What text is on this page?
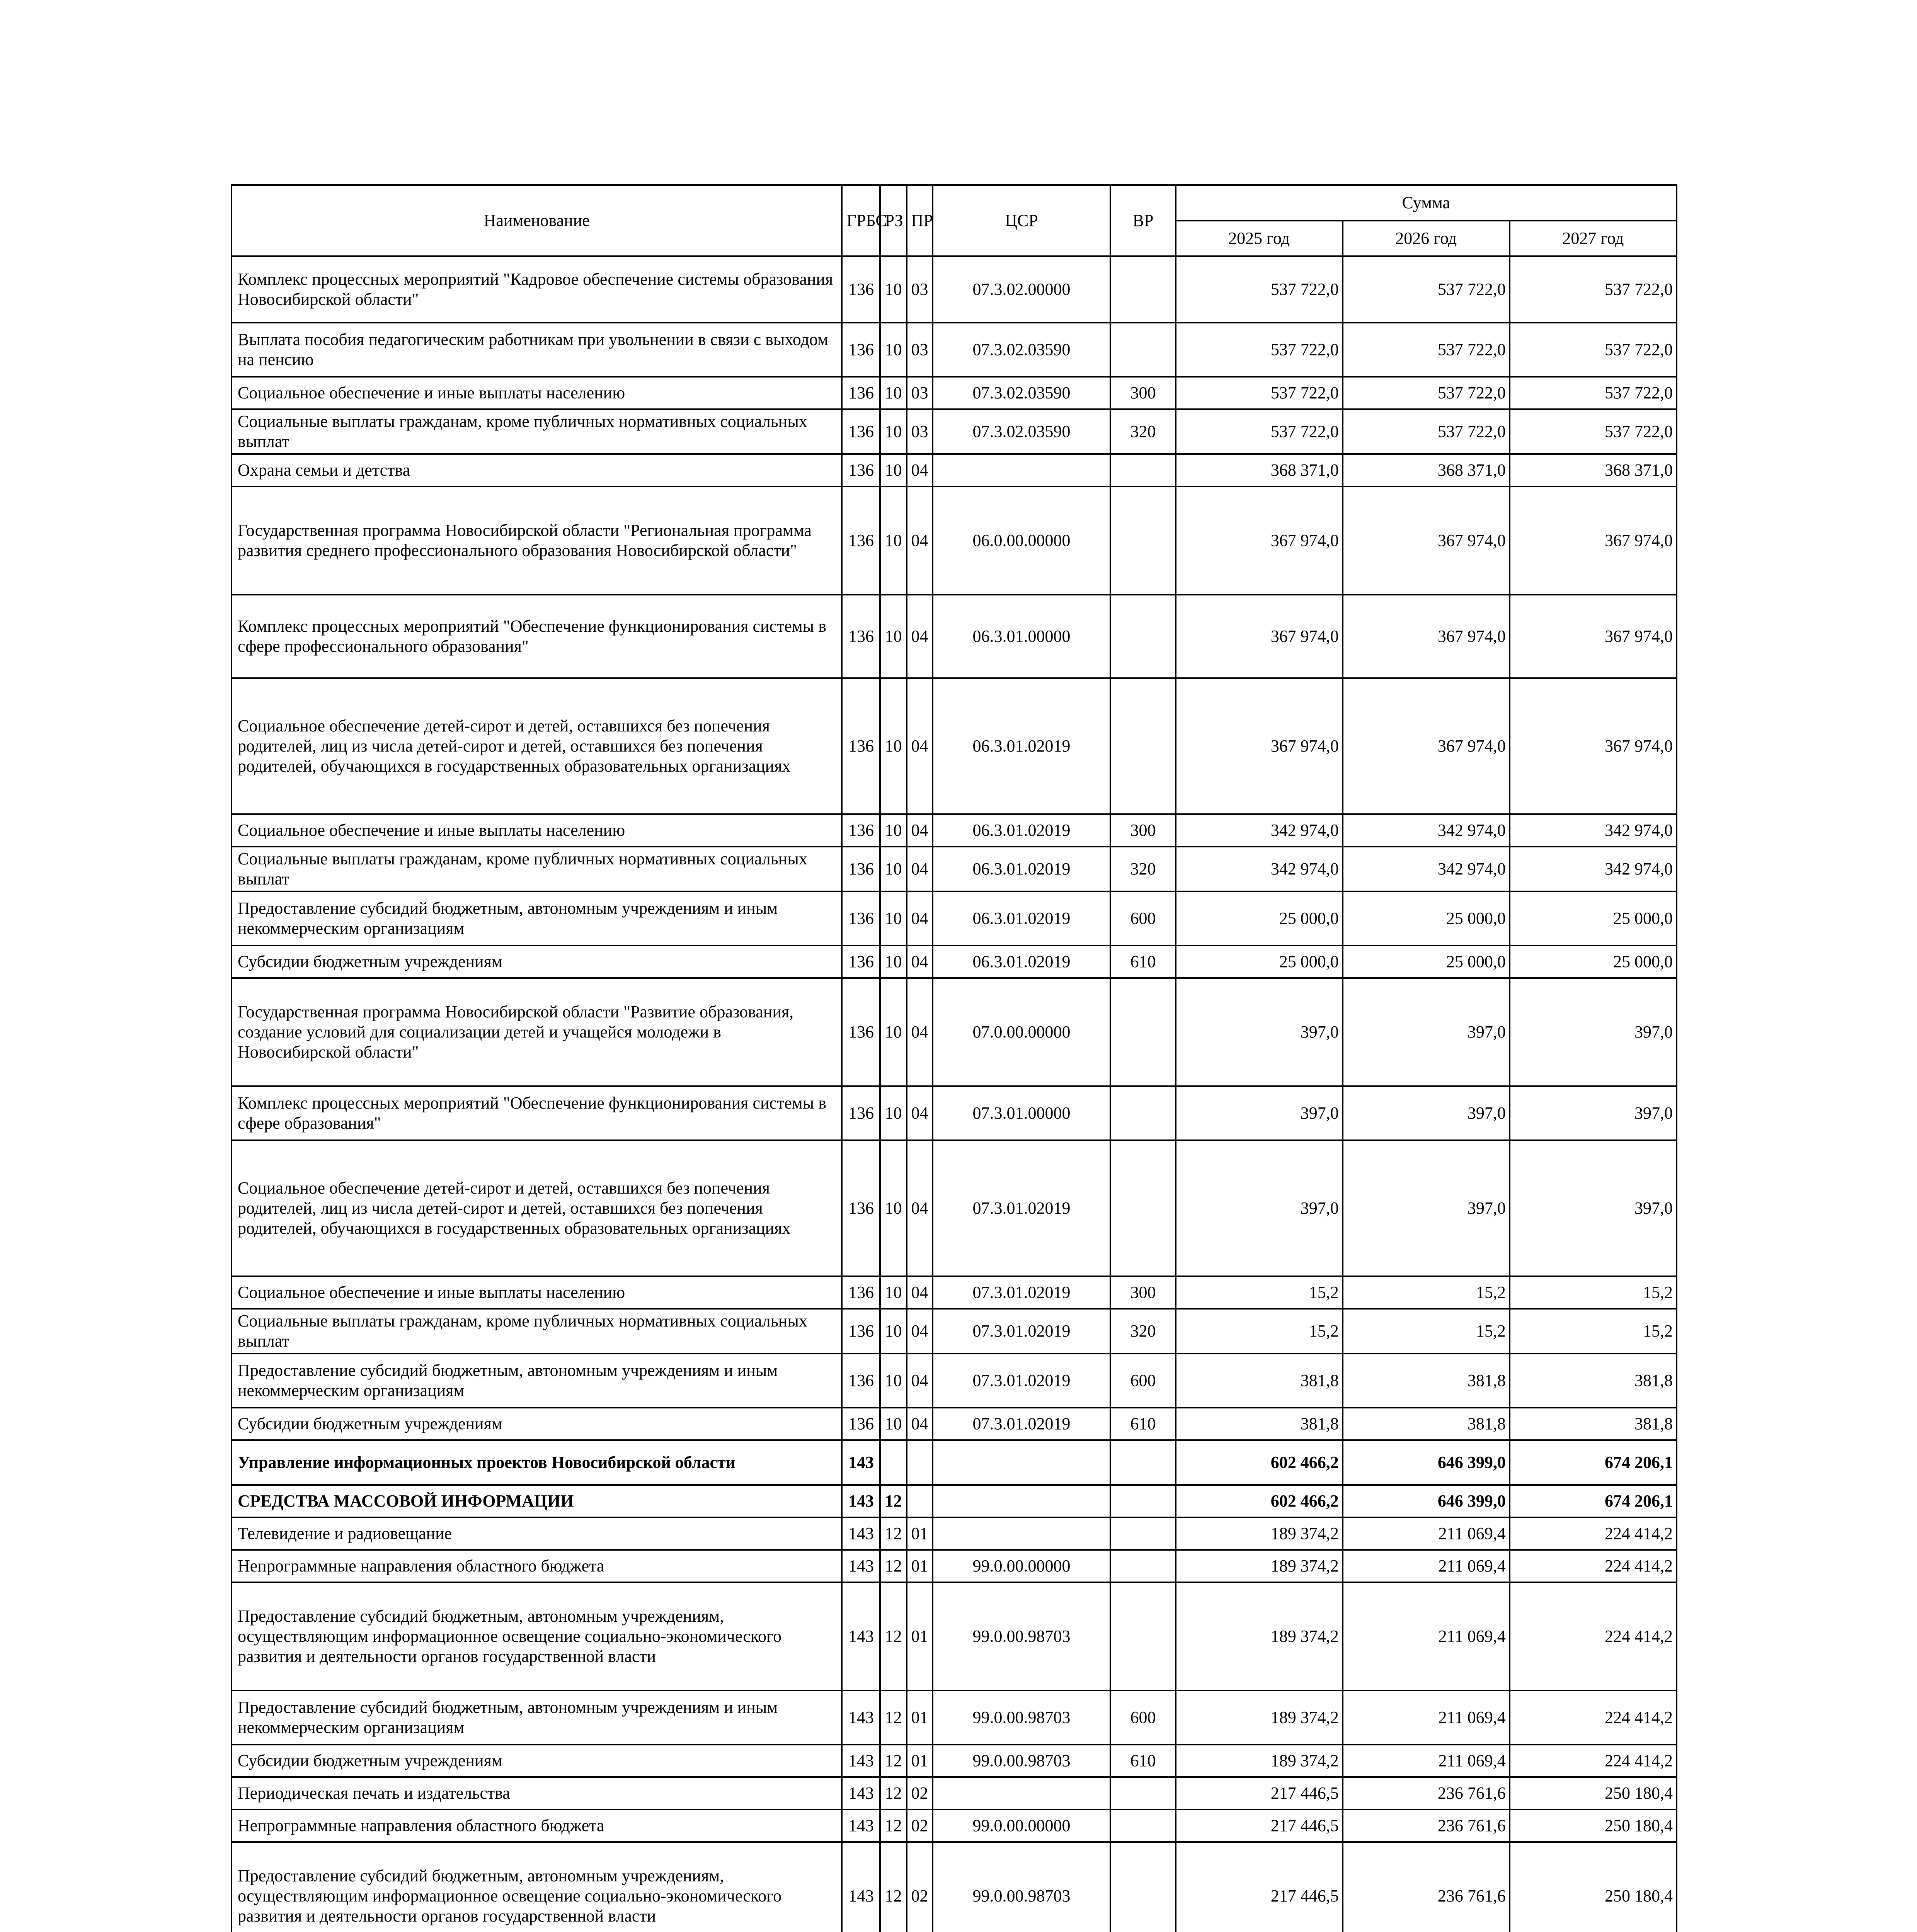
Наименование	ГРБС	РЗ	ПР	ЦСР	ВР	Сумма		
						2025 год	2026 год	2027 год
Комплекс процессных мероприятий "Кадровое обеспечение системы образования Новосибирской области"	136	10	03	07.3.02.00000		537 722,0	537 722,0	537 722,0
Выплата пособия педагогическим работникам при увольнении в связи с выходом на пенсию	136	10	03	07.3.02.03590		537 722,0	537 722,0	537 722,0
Социальное обеспечение и иные выплаты населению	136	10	03	07.3.02.03590	300	537 722,0	537 722,0	537 722,0
Социальные выплаты гражданам, кроме публичных нормативных социальных выплат	136	10	03	07.3.02.03590	320	537 722,0	537 722,0	537 722,0
Охрана семьи и детства	136	10	04			368 371,0	368 371,0	368 371,0
Государственная программа Новосибирской области "Региональная программа развития среднего профессионального образования Новосибирской области"	136	10	04	06.0.00.00000		367 974,0	367 974,0	367 974,0
Комплекс процессных мероприятий "Обеспечение функционирования системы в сфере профессионального образования"	136	10	04	06.3.01.00000		367 974,0	367 974,0	367 974,0
Социальное обеспечение детей-сирот и детей, оставшихся без попечения родителей, лиц из числа детей-сирот и детей, оставшихся без попечения родителей, обучающихся в государственных образовательных организациях	136	10	04	06.3.01.02019		367 974,0	367 974,0	367 974,0
Социальное обеспечение и иные выплаты населению	136	10	04	06.3.01.02019	300	342 974,0	342 974,0	342 974,0
Социальные выплаты гражданам, кроме публичных нормативных социальных выплат	136	10	04	06.3.01.02019	320	342 974,0	342 974,0	342 974,0
Предоставление субсидий бюджетным, автономным учреждениям и иным некоммерческим организациям	136	10	04	06.3.01.02019	600	25 000,0	25 000,0	25 000,0
Субсидии бюджетным учреждениям	136	10	04	06.3.01.02019	610	25 000,0	25 000,0	25 000,0
Государственная программа Новосибирской области "Развитие образования, создание условий для социализации детей и учащейся молодежи в Новосибирской области"	136	10	04	07.0.00.00000		397,0	397,0	397,0
Комплекс процессных мероприятий "Обеспечение функционирования системы в сфере образования"	136	10	04	07.3.01.00000		397,0	397,0	397,0
Социальное обеспечение детей-сирот и детей, оставшихся без попечения родителей, лиц из числа детей-сирот и детей, оставшихся без попечения родителей, обучающихся в государственных образовательных организациях	136	10	04	07.3.01.02019		397,0	397,0	397,0
Социальное обеспечение и иные выплаты населению	136	10	04	07.3.01.02019	300	15,2	15,2	15,2
Социальные выплаты гражданам, кроме публичных нормативных социальных выплат	136	10	04	07.3.01.02019	320	15,2	15,2	15,2
Предоставление субсидий бюджетным, автономным учреждениям и иным некоммерческим организациям	136	10	04	07.3.01.02019	600	381,8	381,8	381,8
Субсидии бюджетным учреждениям	136	10	04	07.3.01.02019	610	381,8	381,8	381,8
Управление информационных проектов Новосибирской области	143					602 466,2	646 399,0	674 206,1
СРЕДСТВА МАССОВОЙ ИНФОРМАЦИИ	143	12				602 466,2	646 399,0	674 206,1
Телевидение и радиовещание	143	12	01			189 374,2	211 069,4	224 414,2
Непрограммные направления областного бюджета	143	12	01	99.0.00.00000		189 374,2	211 069,4	224 414,2
Предоставление субсидий бюджетным, автономным учреждениям, осуществляющим информационное освещение социально-экономического развития и деятельности органов государственной власти	143	12	01	99.0.00.98703		189 374,2	211 069,4	224 414,2
Предоставление субсидий бюджетным, автономным учреждениям и иным некоммерческим организациям	143	12	01	99.0.00.98703	600	189 374,2	211 069,4	224 414,2
Субсидии бюджетным учреждениям	143	12	01	99.0.00.98703	610	189 374,2	211 069,4	224 414,2
Периодическая печать и издательства	143	12	02			217 446,5	236 761,6	250 180,4
Непрограммные направления областного бюджета	143	12	02	99.0.00.00000		217 446,5	236 761,6	250 180,4
Предоставление субсидий бюджетным, автономным учреждениям, осуществляющим информационное освещение социально-экономического развития и деятельности органов государственной власти	143	12	02	99.0.00.98703		217 446,5	236 761,6	250 180,4
